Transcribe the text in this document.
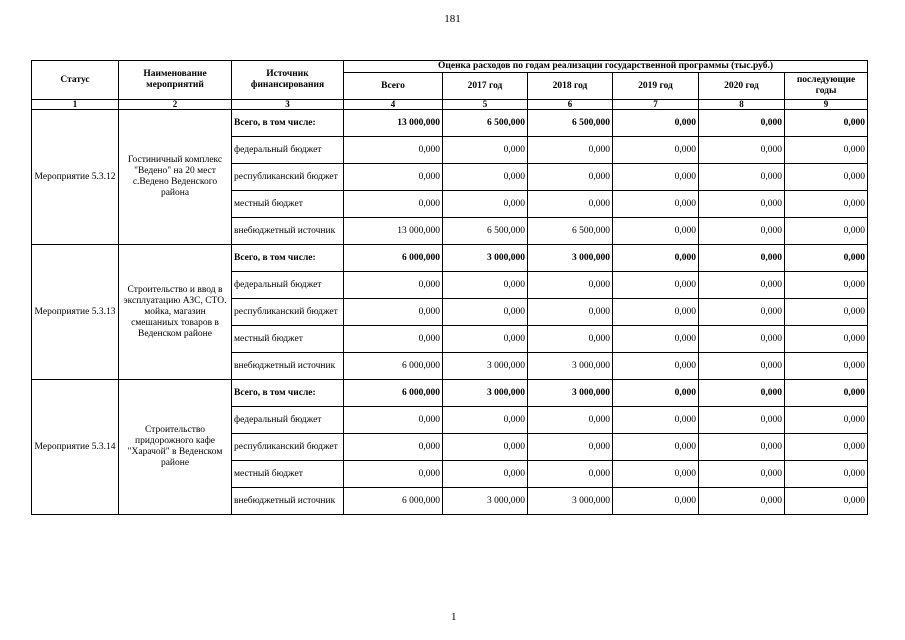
181
Статус	Наименование мероприятий	Источник финансирования	Оценка расходов по годам реализации государственной программы (тыс.руб.)					
			Всего	2017 год	2018 год	2019 год	2020 год	последующие годы
1	2	3	4	5	6	7	8	9
Мероприятие 5.3.12	Гостиничный комплекс "Ведено" на 20 мест с.Ведено Веденского района	Всего, в том числе:	13 000,000	6 500,000	6 500,000	0,000	0,000	0,000
		федеральный бюджет	0,000	0,000	0,000	0,000	0,000	0,000
		республиканский бюджет	0,000	0,000	0,000	0,000	0,000	0,000
		местный бюджет	0,000	0,000	0,000	0,000	0,000	0,000
		внебюджетный источник	13 000,000	6 500,000	6 500,000	0,000	0,000	0,000
Мероприятие 5.3.13	Строительство и ввод в эксплуатацию АЗС, СТО. мойка, магазин смешаниых товаров в Веденском районе	Всего, в том числе:	6 000,000	3 000,000	3 000,000	0,000	0,000	0,000
		федеральный бюджет	0,000	0,000	0,000	0,000	0,000	0,000
		республиканский бюджет	0,000	0,000	0,000	0,000	0,000	0,000
		местный бюджет	0,000	0,000	0,000	0,000	0,000	0,000
		внебюджетный источник	6 000,000	3 000,000	3 000,000	0,000	0,000	0,000
Мероприятие 5.3.14	Строительство придорожного кафе "Харачой" в Веденском районе	Всего, в том числе:	6 000,000	3 000,000	3 000,000	0,000	0,000	0,000
		федеральный бюджет	0,000	0,000	0,000	0,000	0,000	0,000
		республиканский бюджет	0,000	0,000	0,000	0,000	0,000	0,000
		местный бюджет	0,000	0,000	0,000	0,000	0,000	0,000
		внебюджетный источник	6 000,000	3 000,000	3 000,000	0,000	0,000	0,000
1
